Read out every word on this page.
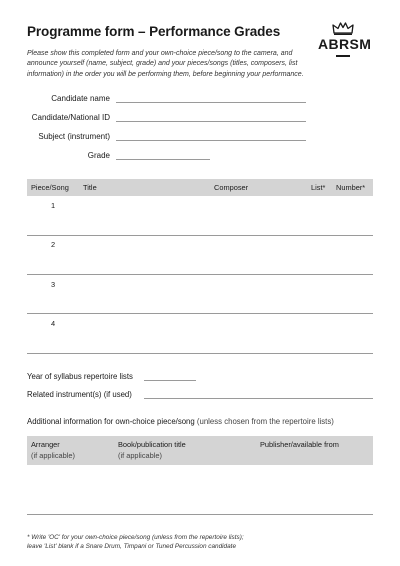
Programme form – Performance Grades
ABRSM
Please show this completed form and your own-choice piece/song to the camera, and announce yourself (name, subject, grade) and your pieces/songs (titles, composers, list information) in the order you will be performing them, before beginning your performance.
Candidate name
Candidate/National ID
Subject (instrument)
Grade
Piece/Song Title	Composer	List* Number*
1
2
3
4
Year of syllabus repertoire lists
Related instrument(s) (if used)
Additional information for own-choice piece/song (unless chosen from the repertoire lists)
Arranger
(if applicable)
Book/publication title
(if applicable)
Publisher/available from
* Write 'OC' for your own-choice piece/song (unless from the repertoire lists);
leave 'List' blank if a Snare Drum, Timpani or Tuned Percussion candidate
